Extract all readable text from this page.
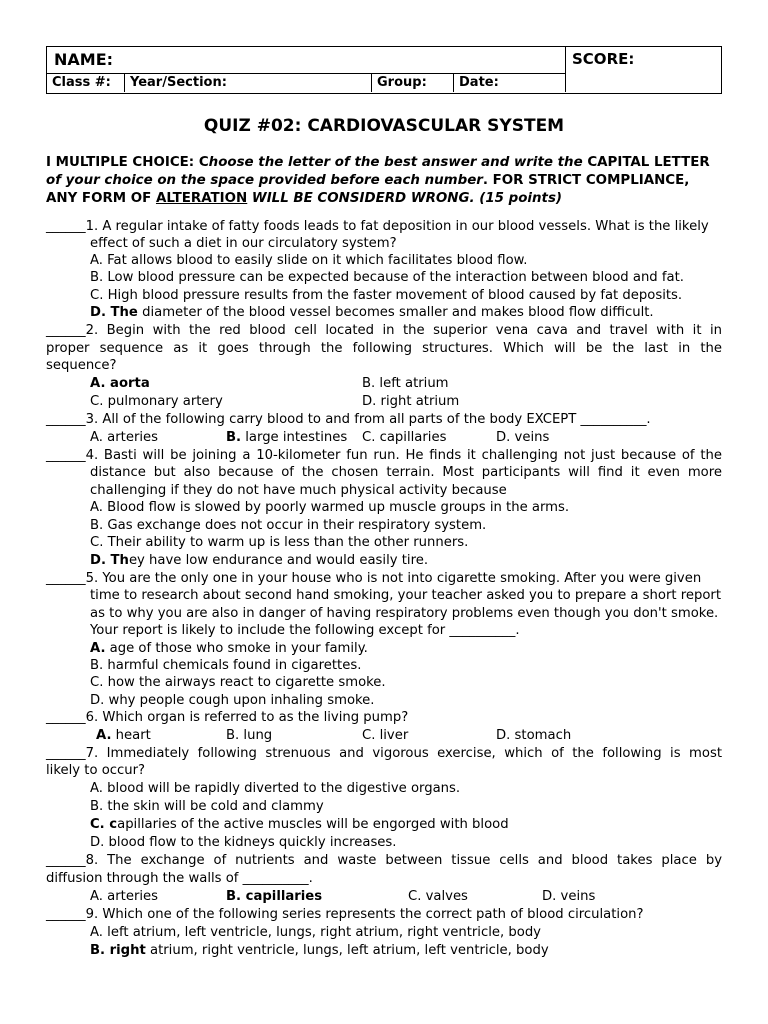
NAME:	SCORE:
Class #:	Year/Section:	Group:	Date:
QUIZ #02: CARDIOVASCULAR SYSTEM
I MULTIPLE CHOICE: Choose the letter of the best answer and write the CAPITAL LETTER of your choice on the space provided before each number. FOR STRICT COMPLIANCE, ANY FORM OF ALTERATION WILL BE CONSIDERD WRONG. (15 points)
______1. A regular intake of fatty foods leads to fat deposition in our blood vessels. What is the likely
effect of such a diet in our circulatory system?
A. Fat allows blood to easily slide on it which facilitates blood flow.
B. Low blood pressure can be expected because of the interaction between blood and fat.
C. High blood pressure results from the faster movement of blood caused by fat deposits.
D. The diameter of the blood vessel becomes smaller and makes blood flow difficult.
______2. Begin with the red blood cell located in the superior vena cava and travel with it in
proper sequence as it goes through the following structures. Which will be the last in the
sequence?
A. aorta	B. left atrium
C. pulmonary artery	D. right atrium
______3. All of the following carry blood to and from all parts of the body EXCEPT __________.
A. arteries	B. large intestines C. capillaries	D. veins
______4. Basti will be joining a 10-kilometer fun run. He finds it challenging not just because of the
distance but also because of the chosen terrain. Most participants will find it even more
challenging if they do not have much physical activity because
A. Blood flow is slowed by poorly warmed up muscle groups in the arms.
B. Gas exchange does not occur in their respiratory system.
C. Their ability to warm up is less than the other runners.
D. They have low endurance and would easily tire.
______5. You are the only one in your house who is not into cigarette smoking. After you were given
time to research about second hand smoking, your teacher asked you to prepare a short report
as to why you are also in danger of having respiratory problems even though you don't smoke.
Your report is likely to include the following except for __________.
A. age of those who smoke in your family.
B. harmful chemicals found in cigarettes.
C. how the airways react to cigarette smoke.
D. why people cough upon inhaling smoke.
______6. Which organ is referred to as the living pump?
A. heart	B. lung	C. liver	D. stomach
______7. Immediately following strenuous and vigorous exercise, which of the following is most
likely to occur?
A. blood will be rapidly diverted to the digestive organs.
B. the skin will be cold and clammy
C. capillaries of the active muscles will be engorged with blood
D. blood flow to the kidneys quickly increases.
______8. The exchange of nutrients and waste between tissue cells and blood takes place by
diffusion through the walls of __________.
A. arteries	B. capillaries	C. valves	D. veins
______9. Which one of the following series represents the correct path of blood circulation?
A. left atrium, left ventricle, lungs, right atrium, right ventricle, body
B. right atrium, right ventricle, lungs, left atrium, left ventricle, body
